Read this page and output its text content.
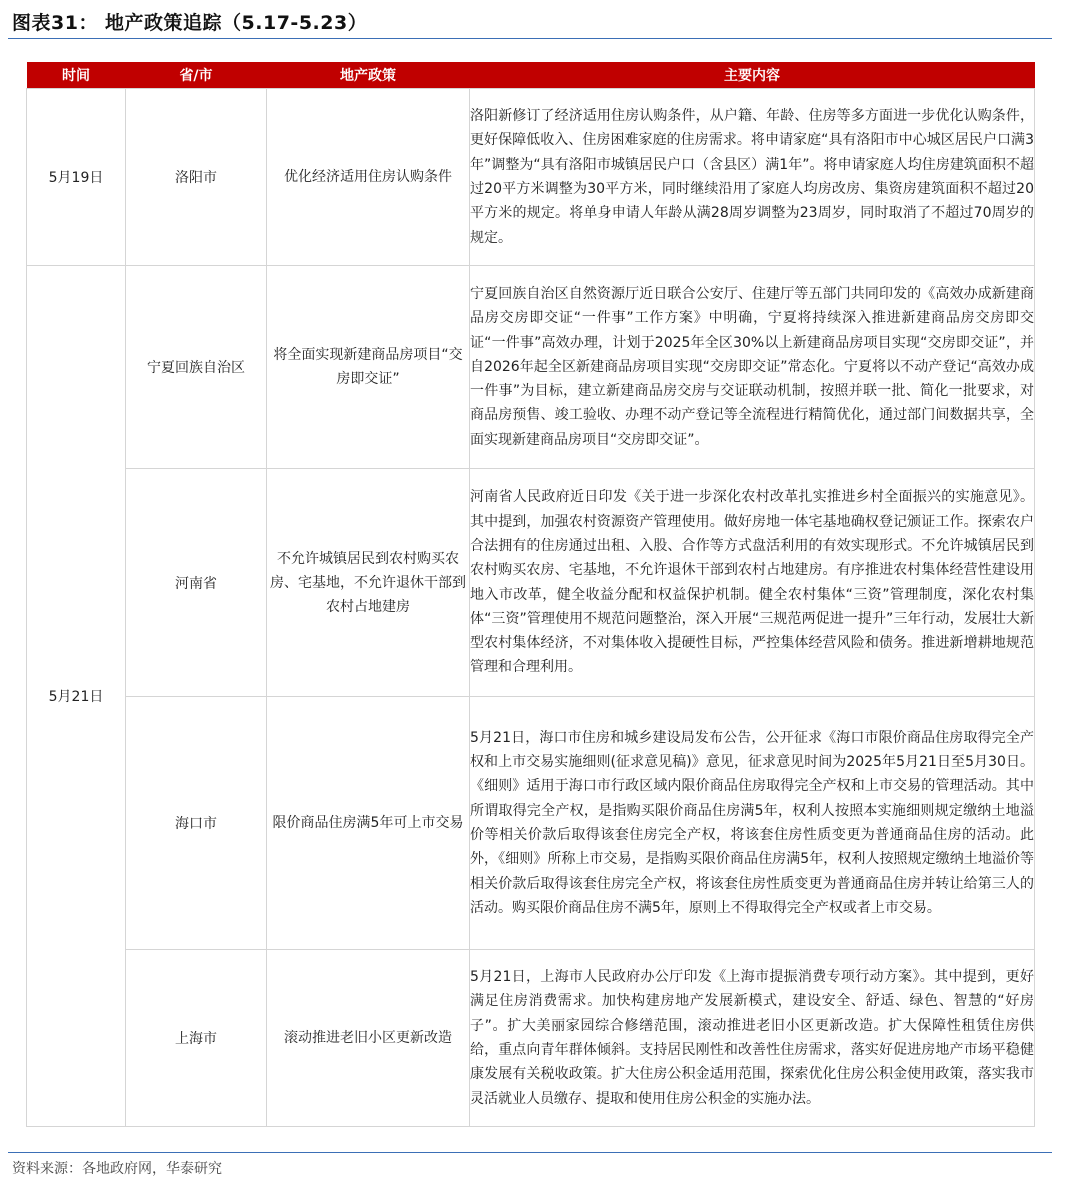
图表31： 地产政策追踪（5.17-5.23）
时间	省/市	地产政策	主要内容
5月19日	洛阳市	优化经济适用住房认购条件	洛阳新修订了经济适用住房认购条件，从户籍、年龄、住房等多方面进一步优化认购条件，更好保障低收入、住房困难家庭的住房需求。将申请家庭“具有洛阳市中心城区居民户口满3年”调整为“具有洛阳市城镇居民户口（含县区）满1年”。将申请家庭人均住房建筑面积不超过20平方米调整为30平方米，同时继续沿用了家庭人均房改房、集资房建筑面积不超过20平方米的规定。将单身申请人年龄从满28周岁调整为23周岁，同时取消了不超过70周岁的规定。
5月21日	宁夏回族自治区	将全面实现新建商品房项目“交房即交证”	宁夏回族自治区自然资源厅近日联合公安厅、住建厅等五部门共同印发的《高效办成新建商品房交房即交证“一件事”工作方案》中明确，宁夏将持续深入推进新建商品房交房即交证“一件事”高效办理，计划于2025年全区30%以上新建商品房项目实现“交房即交证”，并自2026年起全区新建商品房项目实现“交房即交证”常态化。宁夏将以不动产登记“高效办成一件事”为目标，建立新建商品房交房与交证联动机制，按照并联一批、简化一批要求，对商品房预售、竣工验收、办理不动产登记等全流程进行精简优化，通过部门间数据共享，全面实现新建商品房项目“交房即交证”。
	河南省	不允许城镇居民到农村购买农房、宅基地，不允许退休干部到农村占地建房	河南省人民政府近日印发《关于进一步深化农村改革扎实推进乡村全面振兴的实施意见》。其中提到，加强农村资源资产管理使用。做好房地一体宅基地确权登记颁证工作。探索农户合法拥有的住房通过出租、入股、合作等方式盘活利用的有效实现形式。不允许城镇居民到农村购买农房、宅基地，不允许退休干部到农村占地建房。有序推进农村集体经营性建设用地入市改革，健全收益分配和权益保护机制。健全农村集体“三资”管理制度，深化农村集体“三资”管理使用不规范问题整治，深入开展“三规范两促进一提升”三年行动，发展壮大新型农村集体经济，不对集体收入提硬性目标，严控集体经营风险和债务。推进新增耕地规范管理和合理利用。
	海口市	限价商品住房满5年可上市交易	5月21日，海口市住房和城乡建设局发布公告，公开征求《海口市限价商品住房取得完全产权和上市交易实施细则(征求意见稿)》意见，征求意见时间为2025年5月21日至5月30日。《细则》适用于海口市行政区域内限价商品住房取得完全产权和上市交易的管理活动。其中所谓取得完全产权，是指购买限价商品住房满5年，权利人按照本实施细则规定缴纳土地溢价等相关价款后取得该套住房完全产权，将该套住房性质变更为普通商品住房的活动。此外，《细则》所称上市交易，是指购买限价商品住房满5年，权利人按照规定缴纳土地溢价等相关价款后取得该套住房完全产权，将该套住房性质变更为普通商品住房并转让给第三人的活动。购买限价商品住房不满5年，原则上不得取得完全产权或者上市交易。
	上海市	滚动推进老旧小区更新改造	5月21日，上海市人民政府办公厅印发《上海市提振消费专项行动方案》。其中提到，更好满足住房消费需求。加快构建房地产发展新模式，建设安全、舒适、绿色、智慧的“好房子”。扩大美丽家园综合修缮范围，滚动推进老旧小区更新改造。扩大保障性租赁住房供给，重点向青年群体倾斜。支持居民刚性和改善性住房需求，落实好促进房地产市场平稳健康发展有关税收政策。扩大住房公积金适用范围，探索优化住房公积金使用政策，落实我市灵活就业人员缴存、提取和使用住房公积金的实施办法。
资料来源：各地政府网，华泰研究
